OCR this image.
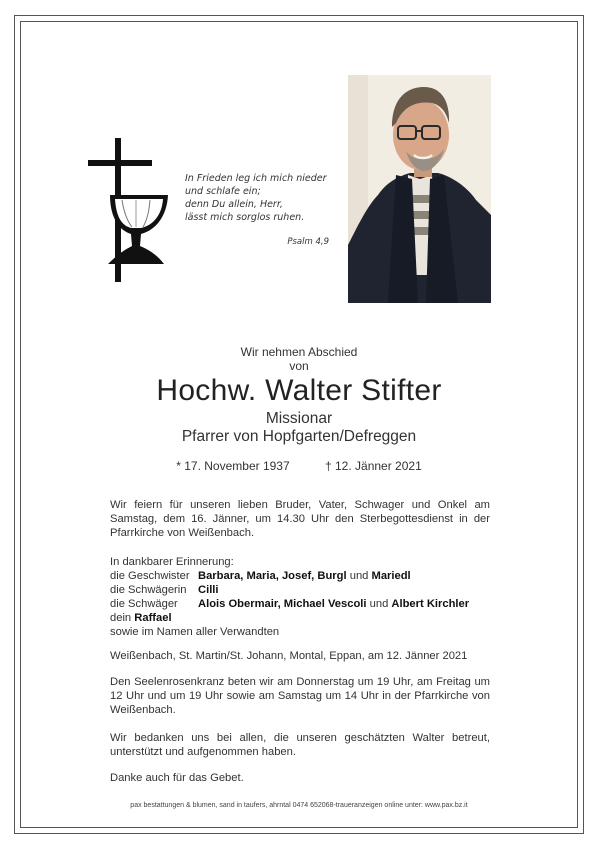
In Frieden leg ich mich nieder
und schlafe ein;
denn Du allein, Herr,
lässt mich sorglos ruhen.
Psalm 4,9
Wir nehmen Abschied
von
Hochw. Walter Stifter
Missionar
Pfarrer von Hopfgarten/Defreggen
* 17. November 1937	† 12. Jänner 2021
Wir feiern für unseren lieben Bruder, Vater, Schwager und Onkel am Samstag, dem 16. Jänner, um 14.30 Uhr den Sterbegottesdienst in der Pfarrkirche von Weißenbach.
In dankbarer Erinnerung:
die Geschwister Barbara, Maria, Josef, Burgl und Mariedl
die Schwägerin Cilli
die Schwäger Alois Obermair, Michael Vescoli und Albert Kirchler
dein Raffael
sowie im Namen aller Verwandten
Weißenbach, St. Martin/St. Johann, Montal, Eppan, am 12. Jänner 2021
Den Seelenrosenkranz beten wir am Donnerstag um 19 Uhr, am Freitag um 12 Uhr und um 19 Uhr sowie am Samstag um 14 Uhr in der Pfarrkirche von Weißenbach.
Wir bedanken uns bei allen, die unseren geschätzten Walter betreut, unterstützt und aufgenommen haben.
Danke auch für das Gebet.
pax bestattungen & blumen, sand in taufers, ahrntal 0474 652068-traueranzeigen online unter: www.pax.bz.it
